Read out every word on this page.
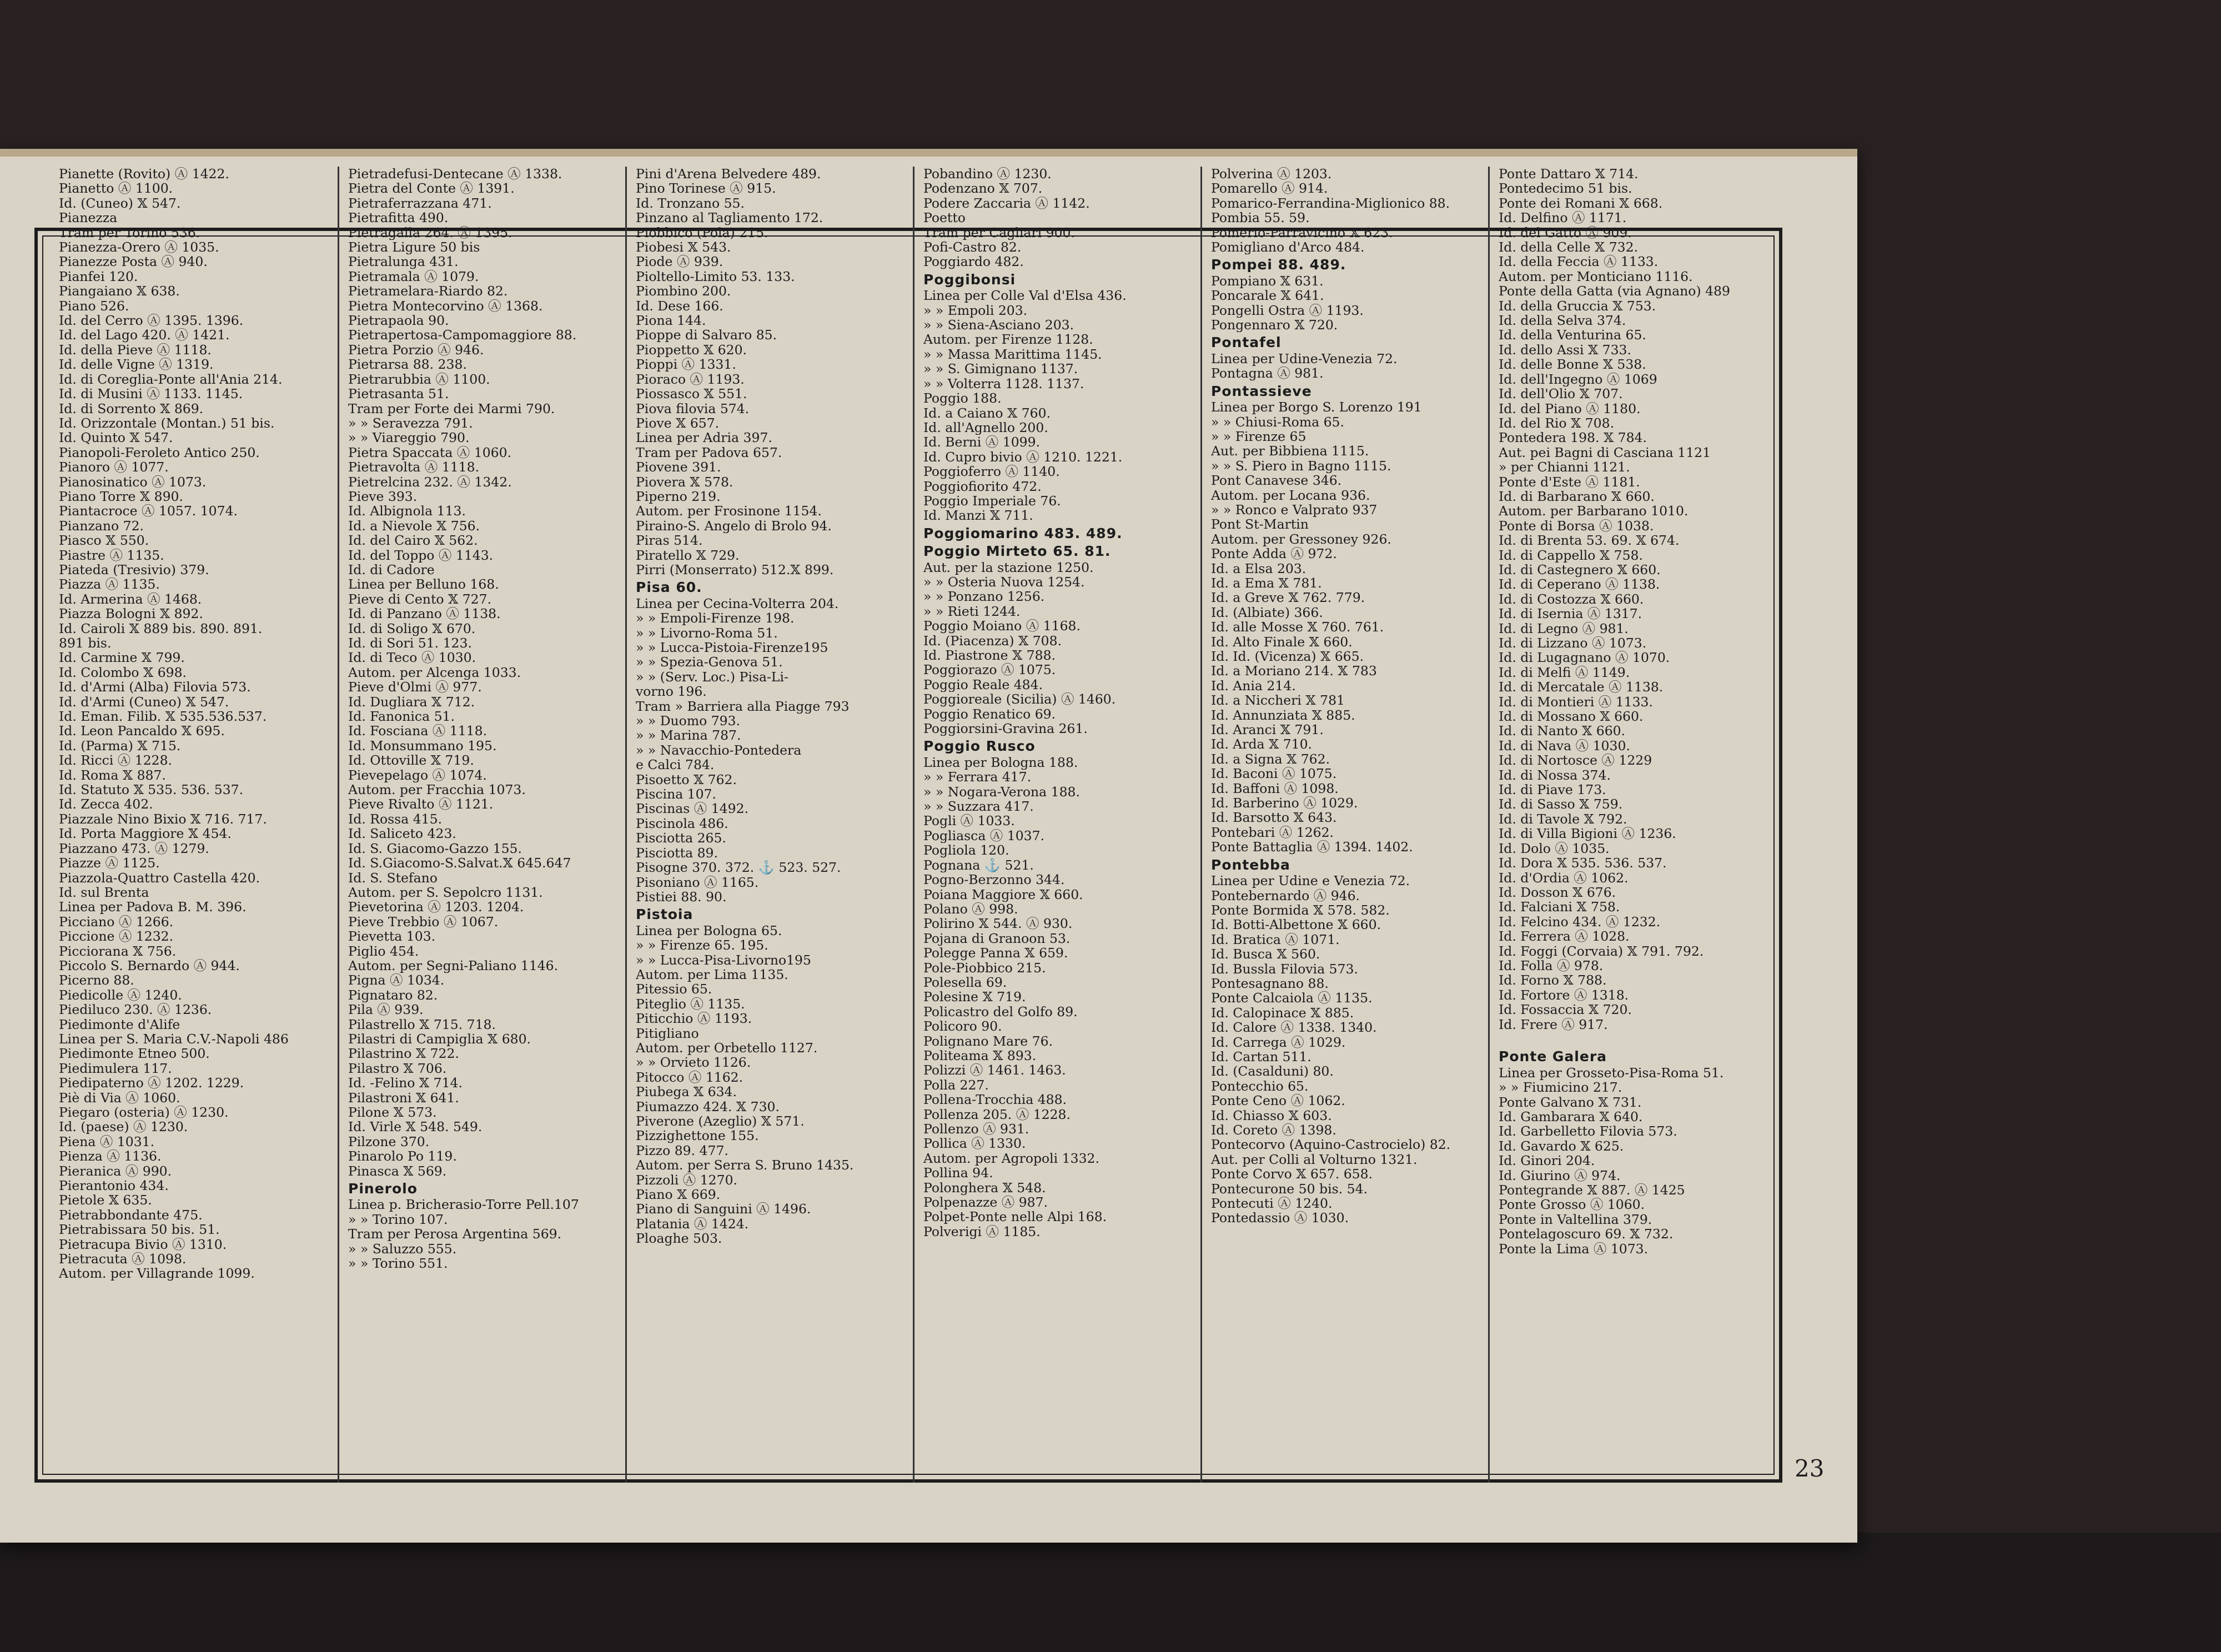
Pianette (Rovito) Ⓐ 1422.
Pianetto Ⓐ 1100.
Id. (Cuneo) 𝕏 547.
Pianezza
Tram per Torino 536.
Pianezza-Orero Ⓐ 1035.
Pianezze Posta Ⓐ 940.
Pianfei 120.
Piangaiano 𝕏 638.
Piano 526.
Id. del Cerro Ⓐ 1395. 1396.
Id. del Lago 420. Ⓐ 1421.
Id. della Pieve Ⓐ 1118.
Id. delle Vigne Ⓐ 1319.
Id. di Coreglia-Ponte all'Ania 214.
Id. di Musini Ⓐ 1133. 1145.
Id. di Sorrento 𝕏 869.
Id. Orizzontale (Montan.) 51 bis.
Id. Quinto 𝕏 547.
Pianopoli-Feroleto Antico 250.
Pianoro Ⓐ 1077.
Pianosinatico Ⓐ 1073.
Piano Torre 𝕏 890.
Piantacroce Ⓐ 1057. 1074.
Pianzano 72.
Piasco 𝕏 550.
Piastre Ⓐ 1135.
Piateda (Tresivio) 379.
Piazza Ⓐ 1135.
Id. Armerina Ⓐ 1468.
Piazza Bologni 𝕏 892.
Id. Cairoli 𝕏 889 bis. 890. 891.
891 bis.
Id. Carmine 𝕏 799.
Id. Colombo 𝕏 698.
Id. d'Armi (Alba) Filovia 573.
Id. d'Armi (Cuneo) 𝕏 547.
Id. Eman. Filib. 𝕏 535.536.537.
Id. Leon Pancaldo 𝕏 695.
Id. (Parma) 𝕏 715.
Id. Ricci Ⓐ 1228.
Id. Roma 𝕏 887.
Id. Statuto 𝕏 535. 536. 537.
Id. Zecca 402.
Piazzale Nino Bixio 𝕏 716. 717.
Id. Porta Maggiore 𝕏 454.
Piazzano 473. Ⓐ 1279.
Piazze Ⓐ 1125.
Piazzola-Quattro Castella 420.
Id. sul Brenta
Linea per Padova B. M. 396.
Picciano Ⓐ 1266.
Piccione Ⓐ 1232.
Picciorana 𝕏 756.
Piccolo S. Bernardo Ⓐ 944.
Picerno 88.
Piedicolle Ⓐ 1240.
Piediluco 230. Ⓐ 1236.
Piedimonte d'Alife
Linea per S. Maria C.V.-Napoli 486
Piedimonte Etneo 500.
Piedimulera 117.
Piedipaterno Ⓐ 1202. 1229.
Piè di Via Ⓐ 1060.
Piegaro (osteria) Ⓐ 1230.
Id. (paese) Ⓐ 1230.
Piena Ⓐ 1031.
Pienza Ⓐ 1136.
Pieranica Ⓐ 990.
Pierantonio 434.
Pietole 𝕏 635.
Pietrabbondante 475.
Pietrabissara 50 bis. 51.
Pietracupa Bivio Ⓐ 1310.
Pietracuta Ⓐ 1098.
Autom. per Villagrande 1099.
Pietradefusi-Dentecane Ⓐ 1338.
Pietra del Conte Ⓐ 1391.
Pietraferrazzana 471.
Pietrafitta 490.
Pietragalla 264. Ⓐ 1395.
Pietra Ligure 50 bis
Pietralunga 431.
Pietramala Ⓐ 1079.
Pietramelara-Riardo 82.
Pietra Montecorvino Ⓐ 1368.
Pietrapaola 90.
Pietrapertosa-Campomaggiore 88.
Pietra Porzio Ⓐ 946.
Pietrarsa 88. 238.
Pietrarubbia Ⓐ 1100.
Pietrasanta 51.
Tram per Forte dei Marmi 790.
» » Seravezza 791.
» » Viareggio 790.
Pietra Spaccata Ⓐ 1060.
Pietravolta Ⓐ 1118.
Pietrelcina 232. Ⓐ 1342.
Pieve 393.
Id. Albignola 113.
Id. a Nievole 𝕏 756.
Id. del Cairo 𝕏 562.
Id. del Toppo Ⓐ 1143.
Id. di Cadore
Linea per Belluno 168.
Pieve di Cento 𝕏 727.
Id. di Panzano Ⓐ 1138.
Id. di Soligo 𝕏 670.
Id. di Sori 51. 123.
Id. di Teco Ⓐ 1030.
Autom. per Alcenga 1033.
Pieve d'Olmi Ⓐ 977.
Id. Dugliara 𝕏 712.
Id. Fanonica 51.
Id. Fosciana Ⓐ 1118.
Id. Monsummano 195.
Id. Ottoville 𝕏 719.
Pievepelago Ⓐ 1074.
Autom. per Fracchia 1073.
Pieve Rivalto Ⓐ 1121.
Id. Rossa 415.
Id. Saliceto 423.
Id. S. Giacomo-Gazzo 155.
Id. S.Giacomo-S.Salvat.𝕏 645.647
Id. S. Stefano
Autom. per S. Sepolcro 1131.
Pievetorina Ⓐ 1203. 1204.
Pieve Trebbio Ⓐ 1067.
Pievetta 103.
Piglio 454.
Autom. per Segni-Paliano 1146.
Pigna Ⓐ 1034.
Pignataro 82.
Pila Ⓐ 939.
Pilastrello 𝕏 715. 718.
Pilastri di Campiglia 𝕏 680.
Pilastrino 𝕏 722.
Pilastro 𝕏 706.
Id. -Felino 𝕏 714.
Pilastroni 𝕏 641.
Pilone 𝕏 573.
Id. Virle 𝕏 548. 549.
Pilzone 370.
Pinarolo Po 119.
Pinasca 𝕏 569.
Pinerolo
Linea p. Bricherasio-Torre Pell.107
» » Torino 107.
Tram per Perosa Argentina 569.
» » Saluzzo 555.
» » Torino 551.
Pini d'Arena Belvedere 489.
Pino Torinese Ⓐ 915.
Id. Tronzano 55.
Pinzano al Tagliamento 172.
Piobbico (Pola) 215.
Piobesi 𝕏 543.
Piode Ⓐ 939.
Pioltello-Limito 53. 133.
Piombino 200.
Id. Dese 166.
Piona 144.
Pioppe di Salvaro 85.
Pioppetto 𝕏 620.
Pioppi Ⓐ 1331.
Pioraco Ⓐ 1193.
Piossasco 𝕏 551.
Piova filovia 574.
Piove 𝕏 657.
Linea per Adria 397.
Tram per Padova 657.
Piovene 391.
Piovera 𝕏 578.
Piperno 219.
Autom. per Frosinone 1154.
Piraino-S. Angelo di Brolo 94.
Piras 514.
Piratello 𝕏 729.
Pirri (Monserrato) 512.𝕏 899.
Pisa 60.
Linea per Cecina-Volterra 204.
» » Empoli-Firenze 198.
» » Livorno-Roma 51.
» » Lucca-Pistoia-Firenze195
» » Spezia-Genova 51.
» » (Serv. Loc.) Pisa-Li-
vorno 196.
Tram » Barriera alla Piagge 793
» » Duomo 793.
» » Marina 787.
» » Navacchio-Pontedera
e Calci 784.
Pisoetto 𝕏 762.
Piscina 107.
Piscinas Ⓐ 1492.
Piscinola 486.
Pisciotta 265.
Pisciotta 89.
Pisogne 370. 372. ⚓ 523. 527.
Pisoniano Ⓐ 1165.
Pistiei 88. 90.
Pistoia
Linea per Bologna 65.
» » Firenze 65. 195.
» » Lucca-Pisa-Livorno195
Autom. per Lima 1135.
Pitessio 65.
Piteglio Ⓐ 1135.
Piticchio Ⓐ 1193.
Pitigliano
Autom. per Orbetello 1127.
» » Orvieto 1126.
Pitocco Ⓐ 1162.
Piubega 𝕏 634.
Piumazzo 424. 𝕏 730.
Piverone (Azeglio) 𝕏 571.
Pizzighettone 155.
Pizzo 89. 477.
Autom. per Serra S. Bruno 1435.
Pizzoli Ⓐ 1270.
Piano 𝕏 669.
Piano di Sanguini Ⓐ 1496.
Platania Ⓐ 1424.
Ploaghe 503.
Pobandino Ⓐ 1230.
Podenzano 𝕏 707.
Podere Zaccaria Ⓐ 1142.
Poetto
Tram per Cagliari 900.
Pofi-Castro 82.
Poggiardo 482.
Poggibonsi
Linea per Colle Val d'Elsa 436.
» » Empoli 203.
» » Siena-Asciano 203.
Autom. per Firenze 1128.
» » Massa Marittima 1145.
» » S. Gimignano 1137.
» » Volterra 1128. 1137.
Poggio 188.
Id. a Caiano 𝕏 760.
Id. all'Agnello 200.
Id. Berni Ⓐ 1099.
Id. Cupro bivio Ⓐ 1210. 1221.
Poggioferro Ⓐ 1140.
Poggiofiorito 472.
Poggio Imperiale 76.
Id. Manzi 𝕏 711.
Poggiomarino 483. 489.
Poggio Mirteto 65. 81.
Aut. per la stazione 1250.
» » Osteria Nuova 1254.
» » Ponzano 1256.
» » Rieti 1244.
Poggio Moiano Ⓐ 1168.
Id. (Piacenza) 𝕏 708.
Id. Piastrone 𝕏 788.
Poggiorazo Ⓐ 1075.
Poggio Reale 484.
Poggioreale (Sicilia) Ⓐ 1460.
Poggio Renatico 69.
Poggiorsini-Gravina 261.
Poggio Rusco
Linea per Bologna 188.
» » Ferrara 417.
» » Nogara-Verona 188.
» » Suzzara 417.
Pogli Ⓐ 1033.
Pogliasca Ⓐ 1037.
Pogliola 120.
Pognana ⚓ 521.
Pogno-Berzonno 344.
Poiana Maggiore 𝕏 660.
Polano Ⓐ 998.
Polirino 𝕏 544. Ⓐ 930.
Pojana di Granoon 53.
Polegge Panna 𝕏 659.
Pole-Piobbico 215.
Polesella 69.
Polesine 𝕏 719.
Policastro del Golfo 89.
Policoro 90.
Polignano Mare 76.
Politeama 𝕏 893.
Polizzi Ⓐ 1461. 1463.
Polla 227.
Pollena-Trocchia 488.
Pollenza 205. Ⓐ 1228.
Pollenzo Ⓐ 931.
Pollica Ⓐ 1330.
Autom. per Agropoli 1332.
Pollina 94.
Polonghera 𝕏 548.
Polpenazze Ⓐ 987.
Polpet-Ponte nelle Alpi 168.
Polverigi Ⓐ 1185.
Polverina Ⓐ 1203.
Pomarello Ⓐ 914.
Pomarico-Ferrandina-Miglionico 88.
Pombia 55. 59.
Pomerio-Parravicino 𝕏 623.
Pomigliano d'Arco 484.
Pompei 88. 489.
Pompiano 𝕏 631.
Poncarale 𝕏 641.
Pongelli Ostra Ⓐ 1193.
Pongennaro 𝕏 720.
Pontafel
Linea per Udine-Venezia 72.
Pontagna Ⓐ 981.
Pontassieve
Linea per Borgo S. Lorenzo 191
» » Chiusi-Roma 65.
» » Firenze 65
Aut. per Bibbiena 1115.
» » S. Piero in Bagno 1115.
Pont Canavese 346.
Autom. per Locana 936.
» » Ronco e Valprato 937
Pont St-Martin
Autom. per Gressoney 926.
Ponte Adda Ⓐ 972.
Id. a Elsa 203.
Id. a Ema 𝕏 781.
Id. a Greve 𝕏 762. 779.
Id. (Albiate) 366.
Id. alle Mosse 𝕏 760. 761.
Id. Alto Finale 𝕏 660.
Id. Id. (Vicenza) 𝕏 665.
Id. a Moriano 214. 𝕏 783
Id. Ania 214.
Id. a Niccheri 𝕏 781
Id. Annunziata 𝕏 885.
Id. Aranci 𝕏 791.
Id. Arda 𝕏 710.
Id. a Signa 𝕏 762.
Id. Baconi Ⓐ 1075.
Id. Baffoni Ⓐ 1098.
Id. Barberino Ⓐ 1029.
Id. Barsotto 𝕏 643.
Pontebari Ⓐ 1262.
Ponte Battaglia Ⓐ 1394. 1402.
Pontebba
Linea per Udine e Venezia 72.
Pontebernardo Ⓐ 946.
Ponte Bormida 𝕏 578. 582.
Id. Botti-Albettone 𝕏 660.
Id. Bratica Ⓐ 1071.
Id. Busca 𝕏 560.
Id. Bussla Filovia 573.
Pontesagnano 88.
Ponte Calcaiola Ⓐ 1135.
Id. Calopinace 𝕏 885.
Id. Calore Ⓐ 1338. 1340.
Id. Carrega Ⓐ 1029.
Id. Cartan 511.
Id. (Casalduni) 80.
Pontecchio 65.
Ponte Ceno Ⓐ 1062.
Id. Chiasso 𝕏 603.
Id. Coreto Ⓐ 1398.
Pontecorvo (Aquino-Castrocielo) 82.
Aut. per Colli al Volturno 1321.
Ponte Corvo 𝕏 657. 658.
Pontecurone 50 bis. 54.
Pontecuti Ⓐ 1240.
Pontedassio Ⓐ 1030.
Ponte Dattaro 𝕏 714.
Pontedecimo 51 bis.
Ponte dei Romani 𝕏 668.
Id. Delfino Ⓐ 1171.
Id. del Gatto Ⓐ 909.
Id. della Celle 𝕏 732.
Id. della Feccia Ⓐ 1133.
Autom. per Monticiano 1116.
Ponte della Gatta (via Agnano) 489
Id. della Gruccia 𝕏 753.
Id. della Selva 374.
Id. della Venturina 65.
Id. dello Assi 𝕏 733.
Id. delle Bonne 𝕏 538.
Id. dell'Ingegno Ⓐ 1069
Id. dell'Olio 𝕏 707.
Id. del Piano Ⓐ 1180.
Id. del Rio 𝕏 708.
Pontedera 198. 𝕏 784.
Aut. pei Bagni di Casciana 1121
» per Chianni 1121.
Ponte d'Este Ⓐ 1181.
Id. di Barbarano 𝕏 660.
Autom. per Barbarano 1010.
Ponte di Borsa Ⓐ 1038.
Id. di Brenta 53. 69. 𝕏 674.
Id. di Cappello 𝕏 758.
Id. di Castegnero 𝕏 660.
Id. di Ceperano Ⓐ 1138.
Id. di Costozza 𝕏 660.
Id. di Isernia Ⓐ 1317.
Id. di Legno Ⓐ 981.
Id. di Lizzano Ⓐ 1073.
Id. di Lugagnano Ⓐ 1070.
Id. di Melfi Ⓐ 1149.
Id. di Mercatale Ⓐ 1138.
Id. di Montieri Ⓐ 1133.
Id. di Mossano 𝕏 660.
Id. di Nanto 𝕏 660.
Id. di Nava Ⓐ 1030.
Id. di Nortosce Ⓐ 1229
Id. di Nossa 374.
Id. di Piave 173.
Id. di Sasso 𝕏 759.
Id. di Tavole 𝕏 792.
Id. di Villa Bigioni Ⓐ 1236.
Id. Dolo Ⓐ 1035.
Id. Dora 𝕏 535. 536. 537.
Id. d'Ordia Ⓐ 1062.
Id. Dosson 𝕏 676.
Id. Falciani 𝕏 758.
Id. Felcino 434. Ⓐ 1232.
Id. Ferrera Ⓐ 1028.
Id. Foggi (Corvaia) 𝕏 791. 792.
Id. Folla Ⓐ 978.
Id. Forno 𝕏 788.
Id. Fortore Ⓐ 1318.
Id. Fossaccia 𝕏 720.
Id. Frere Ⓐ 917.

Ponte Galera
Linea per Grosseto-Pisa-Roma 51.
» » Fiumicino 217.
Ponte Galvano 𝕏 731.
Id. Gambarara 𝕏 640.
Id. Garbelletto Filovia 573.
Id. Gavardo 𝕏 625.
Id. Ginori 204.
Id. Giurino Ⓐ 974.
Pontegrande 𝕏 887. Ⓐ 1425
Ponte Grosso Ⓐ 1060.
Ponte in Valtellina 379.
Pontelagoscuro 69. 𝕏 732.
Ponte la Lima Ⓐ 1073.
23
